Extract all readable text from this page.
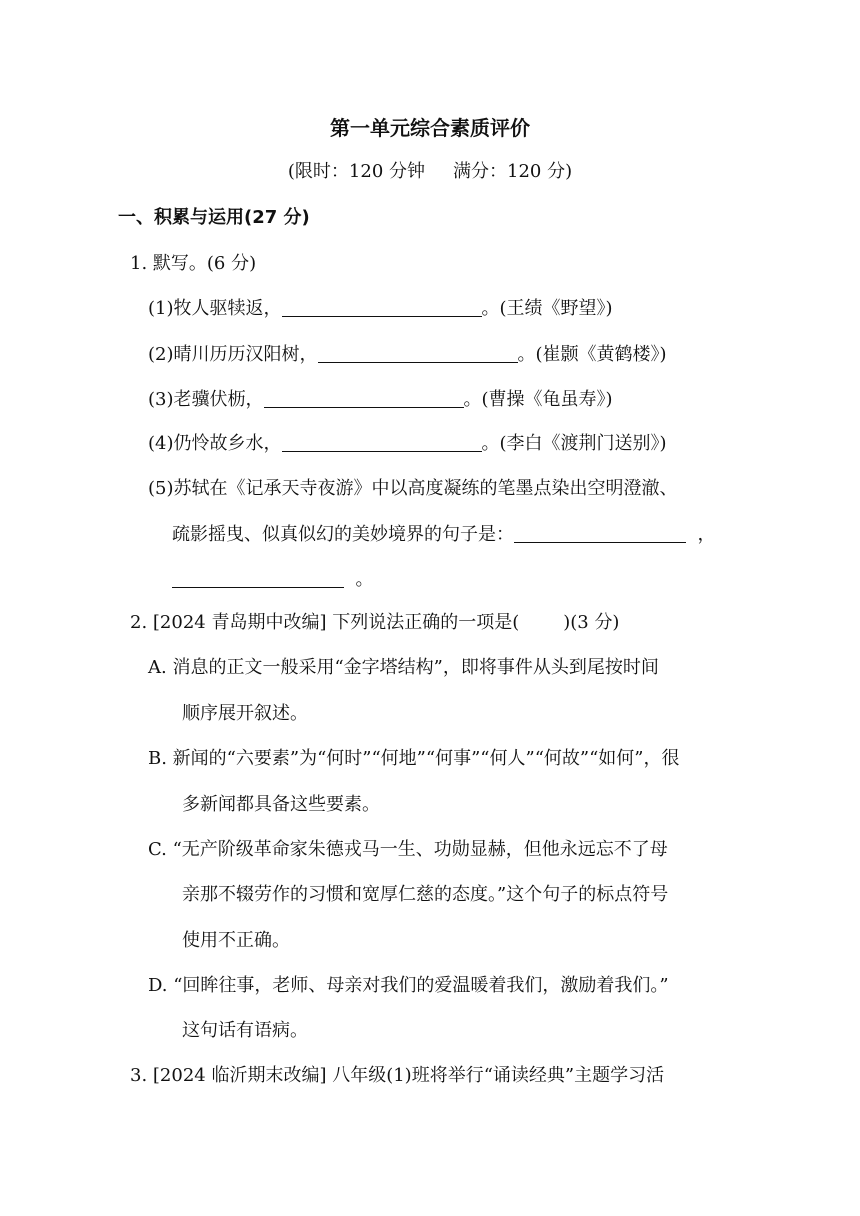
第一单元综合素质评价
(限时：120 分钟 满分：120 分)
一、积累与运用(27 分)
1. 默写。(6 分)
(1)牧人驱犊返，	。(王绩《野望》)
(2)晴川历历汉阳树，	。(崔颢《黄鹤楼》)
(3)老骥伏枥，	。(曹操《龟虽寿》)
(4)仍怜故乡水，	。(李白《渡荆门送别》)
(5)苏轼在《记承天寺夜游》中以高度凝练的笔墨点染出空明澄澈、
疏影摇曳、似真似幻的美妙境界的句子是：	，
。
2. [2024 青岛期中改编] 下列说法正确的一项是( )(3 分)
A. 消息的正文一般采用“金字塔结构”，即将事件从头到尾按时间
顺序展开叙述。
B. 新闻的“六要素”为“何时”“何地”“何事”“何人”“何故”“如何”，很
多新闻都具备这些要素。
C. “无产阶级革命家朱德戎马一生、功勋显赫，但他永远忘不了母
亲那不辍劳作的习惯和宽厚仁慈的态度。”这个句子的标点符号
使用不正确。
D. “回眸往事，老师、母亲对我们的爱温暖着我们，激励着我们。”
这句话有语病。
3. [2024 临沂期末改编] 八年级(1)班将举行“诵读经典”主题学习活
